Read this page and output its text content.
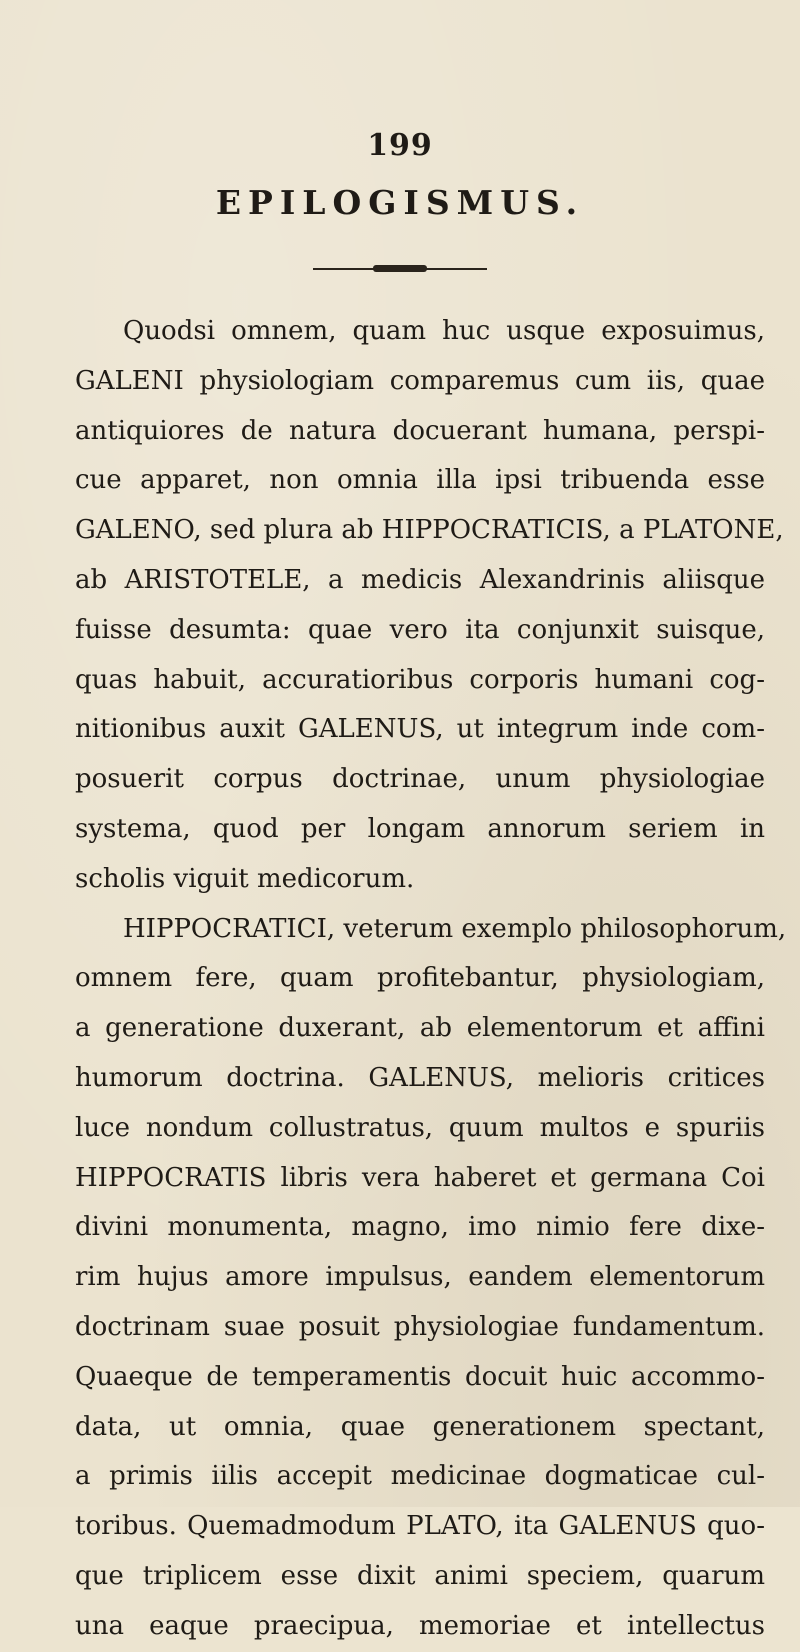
199
EPILOGISMUS.
Quodsi omnem, quam huc usque exposuimus,
GALENI physiologiam comparemus cum iis, quae
antiquiores de natura docuerant humana, perspi-
cue apparet, non omnia illa ipsi tribuenda esse
GALENO, sed plura ab HIPPOCRATICIS, a PLATONE,
ab ARISTOTELE, a medicis Alexandrinis aliisque
fuisse desumta: quae vero ita conjunxit suisque,
quas habuit, accuratioribus corporis humani cog-
nitionibus auxit GALENUS, ut integrum inde com-
posuerit corpus doctrinae, unum physiologiae
systema, quod per longam annorum seriem in
scholis viguit medicorum.
HIPPOCRATICI, veterum exemplo philosophorum,
omnem fere, quam profitebantur, physiologiam,
a generatione duxerant, ab elementorum et affini
humorum doctrina. GALENUS, melioris critices
luce nondum collustratus, quum multos e spuriis
HIPPOCRATIS libris vera haberet et germana Coi
divini monumenta, magno, imo nimio fere dixe-
rim hujus amore impulsus, eandem elementorum
doctrinam suae posuit physiologiae fundamentum.
Quaeque de temperamentis docuit huic accommo-
data, ut omnia, quae generationem spectant,
a primis iilis accepit medicinae dogmaticae cul-
toribus. Quemadmodum PLATO, ita GALENUS quo-
que triplicem esse dixit animi speciem, quarum
una eaque praecipua, memoriae et intellectus
